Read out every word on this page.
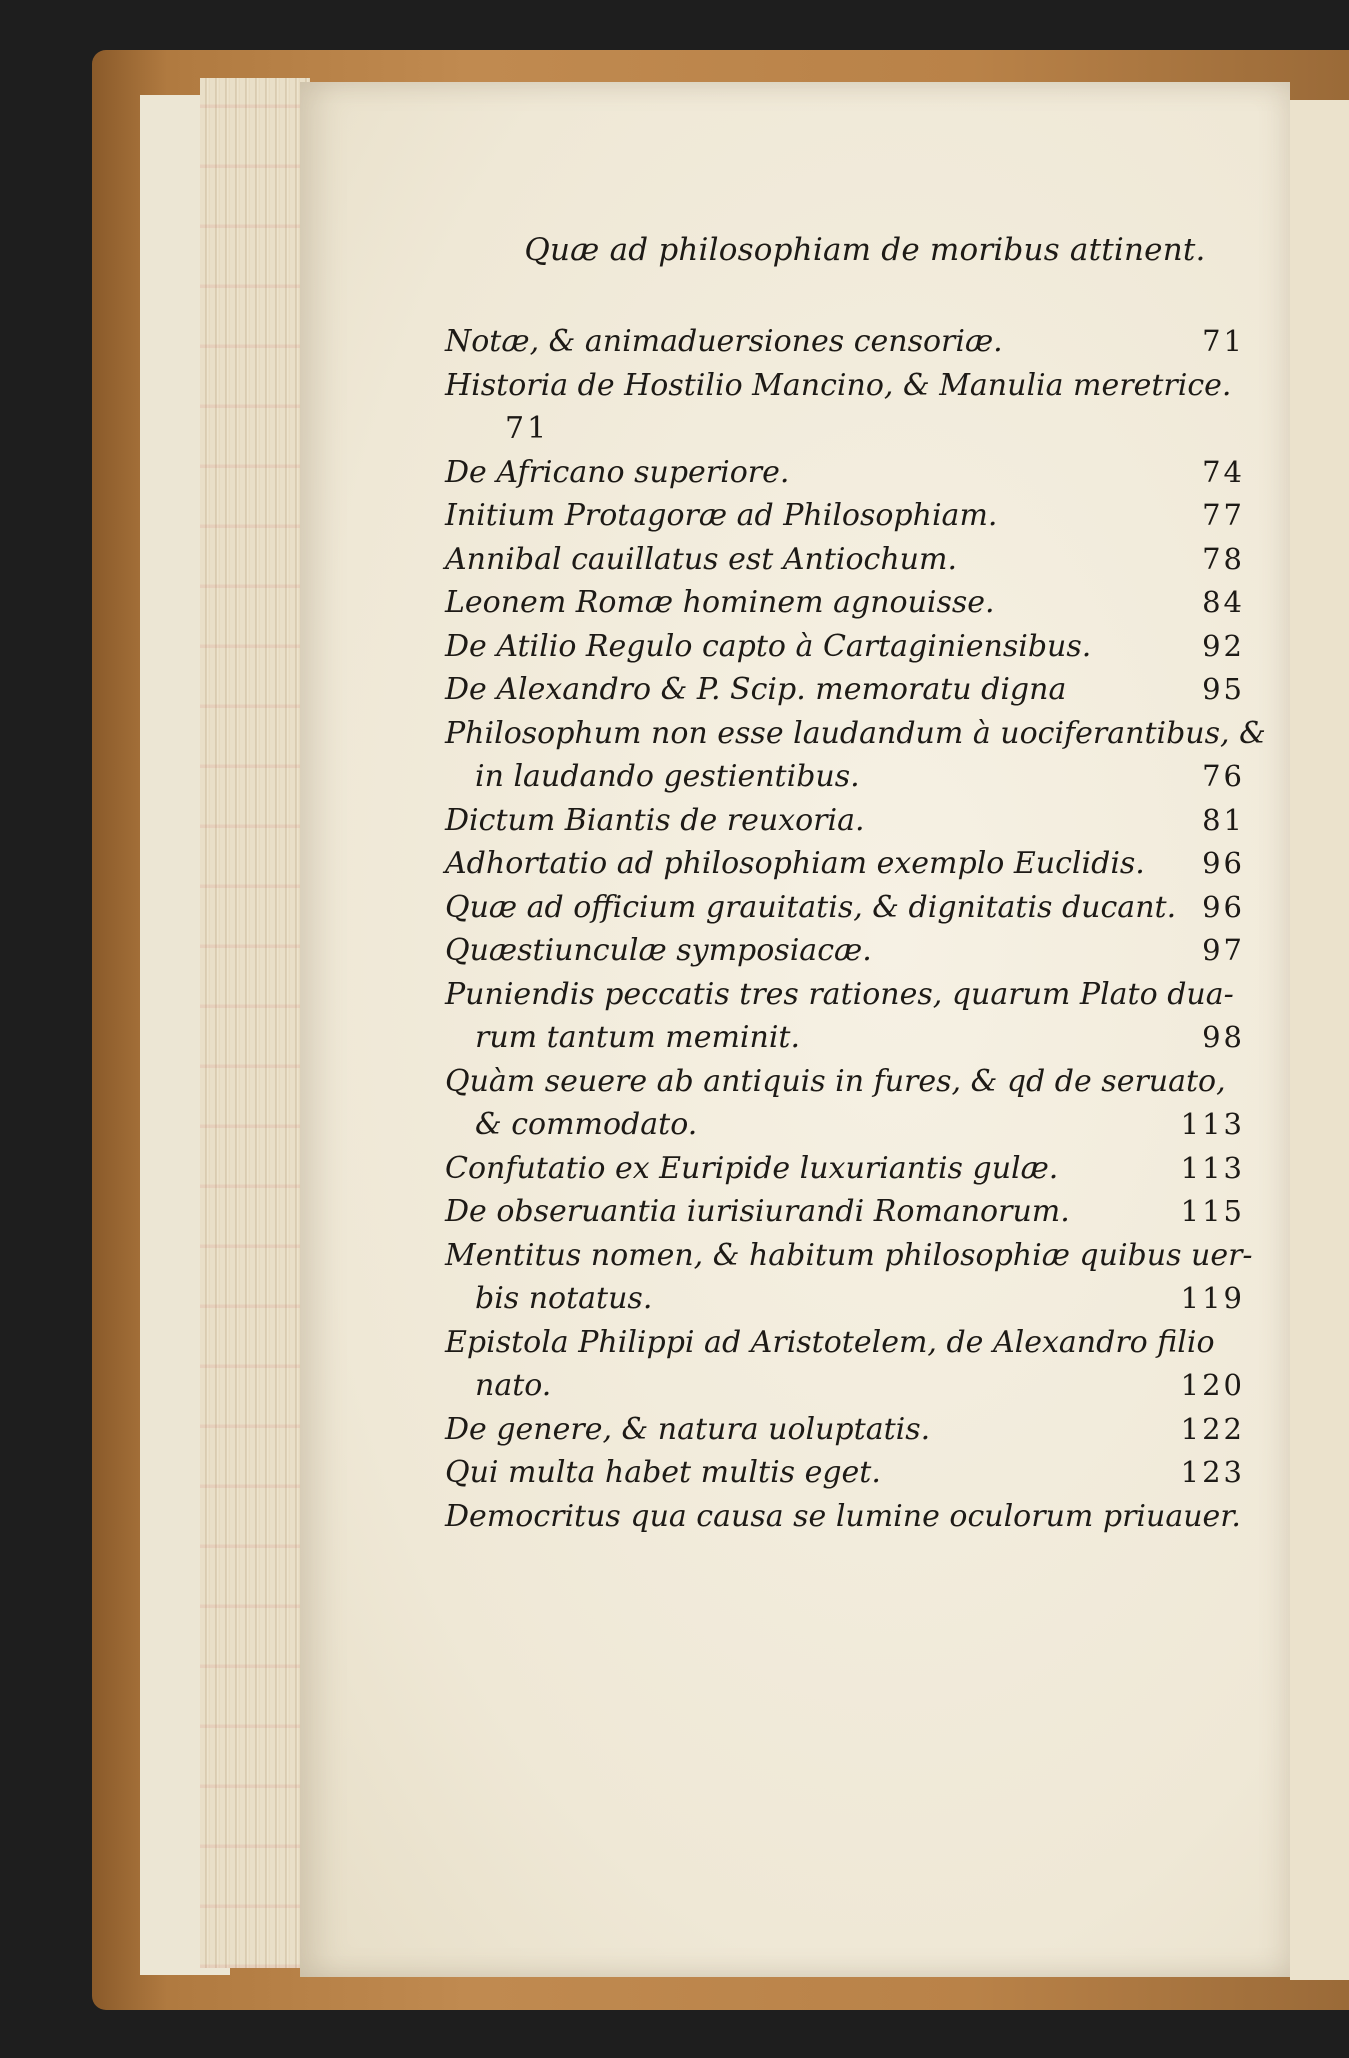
Quæ ad philosophiam de moribus attinent.
Notæ, & animaduersiones censoriæ.	71
Historia de Hostilio Mancino, & Manulia meretrice.
71
De Africano superiore.	74
Initium Protagoræ ad Philosophiam.	77
Annibal cauillatus est Antiochum.	78
Leonem Romæ hominem agnouisse.	84
De Atilio Regulo capto à Cartaginiensibus.	92
De Alexandro & P. Scip. memoratu digna	95
Philosophum non esse laudandum à uociferantibus, &
in laudando gestientibus.	76
Dictum Biantis de reuxoria.	81
Adhortatio ad philosophiam exemplo Euclidis.	96
Quæ ad officium grauitatis, & dignitatis ducant. 96
Quæstiunculæ symposiacæ.	97
Puniendis peccatis tres rationes, quarum Plato dua-
rum tantum meminit.	98
Quàm seuere ab antiquis in fures, & qd de seruato,
& commodato.	113
Confutatio ex Euripide luxuriantis gulæ.	113
De obseruantia iurisiurandi Romanorum.	115
Mentitus nomen, & habitum philosophiæ quibus uer-
bis notatus.	119
Epistola Philippi ad Aristotelem, de Alexandro filio
nato.	120
De genere, & natura uoluptatis.	122
Qui multa habet multis eget.	123
Democritus qua causa se lumine oculorum priuauer.
